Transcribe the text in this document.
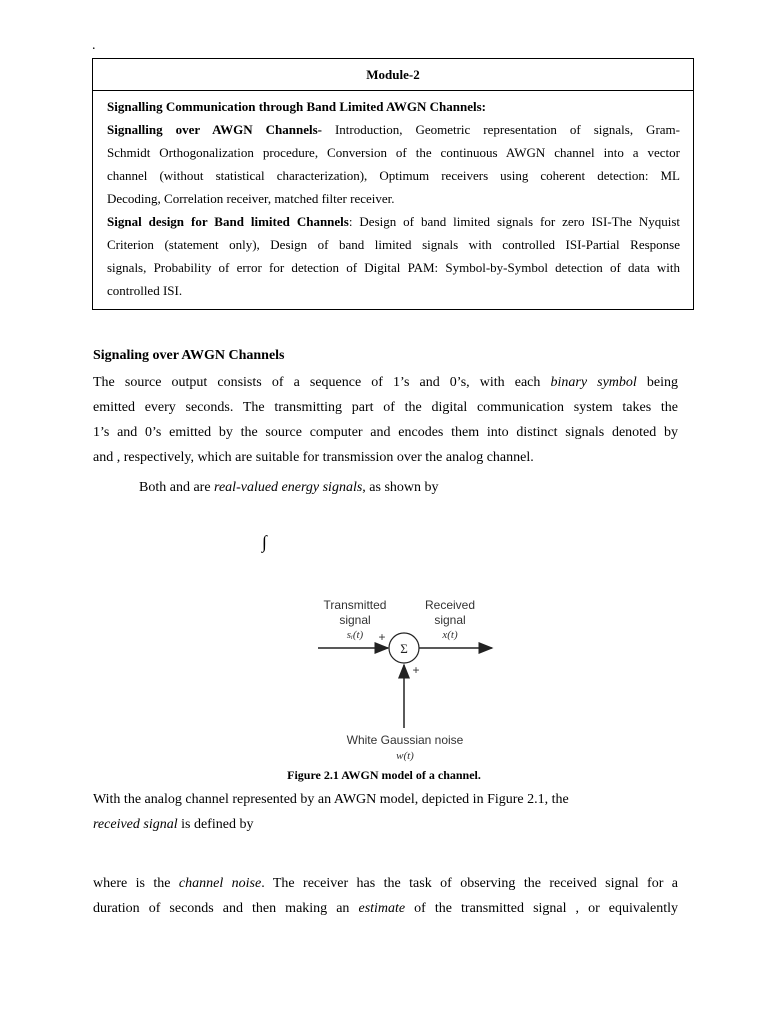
.
Module-2

Signalling Communication through Band Limited AWGN Channels:

Signalling over AWGN Channels- Introduction, Geometric representation of signals, Gram-
Schmidt Orthogonalization procedure, Conversion of the continuous AWGN channel into a vector
channel (without statistical characterization), Optimum receivers using coherent detection: ML
Decoding, Correlation receiver, matched filter receiver.

Signal design for Band limited Channels: Design of band limited signals for zero ISI-The Nyquist
Criterion (statement only), Design of band limited signals with controlled ISI-Partial Response
signals, Probability of error for detection of Digital PAM: Symbol-by-Symbol detection of data with
controlled ISI.

Signaling over AWGN Channels

The source output consists of a sequence of 1’s and 0’s, with each binary symbol being
emitted every seconds. The transmitting part of the digital communication system takes the
1’s and 0’s emitted by the source computer and encodes them into distinct signals denoted by
and , respectively, which are suitable for transmission over the analog channel.

Both and are real-valued energy signals, as shown by

∫
Transmitted
signal
sᵢ(t)
Received
signal
x(t)
Σ
+
+
White Gaussian noise
w(t)
Figure 2.1 AWGN model of a channel.

With the analog channel represented by an AWGN model, depicted in Figure 2.1, the
received signal is defined by

where is the channel noise. The receiver has the task of observing the received signal for a
duration of seconds and then making an estimate of the transmitted signal , or equivalently
